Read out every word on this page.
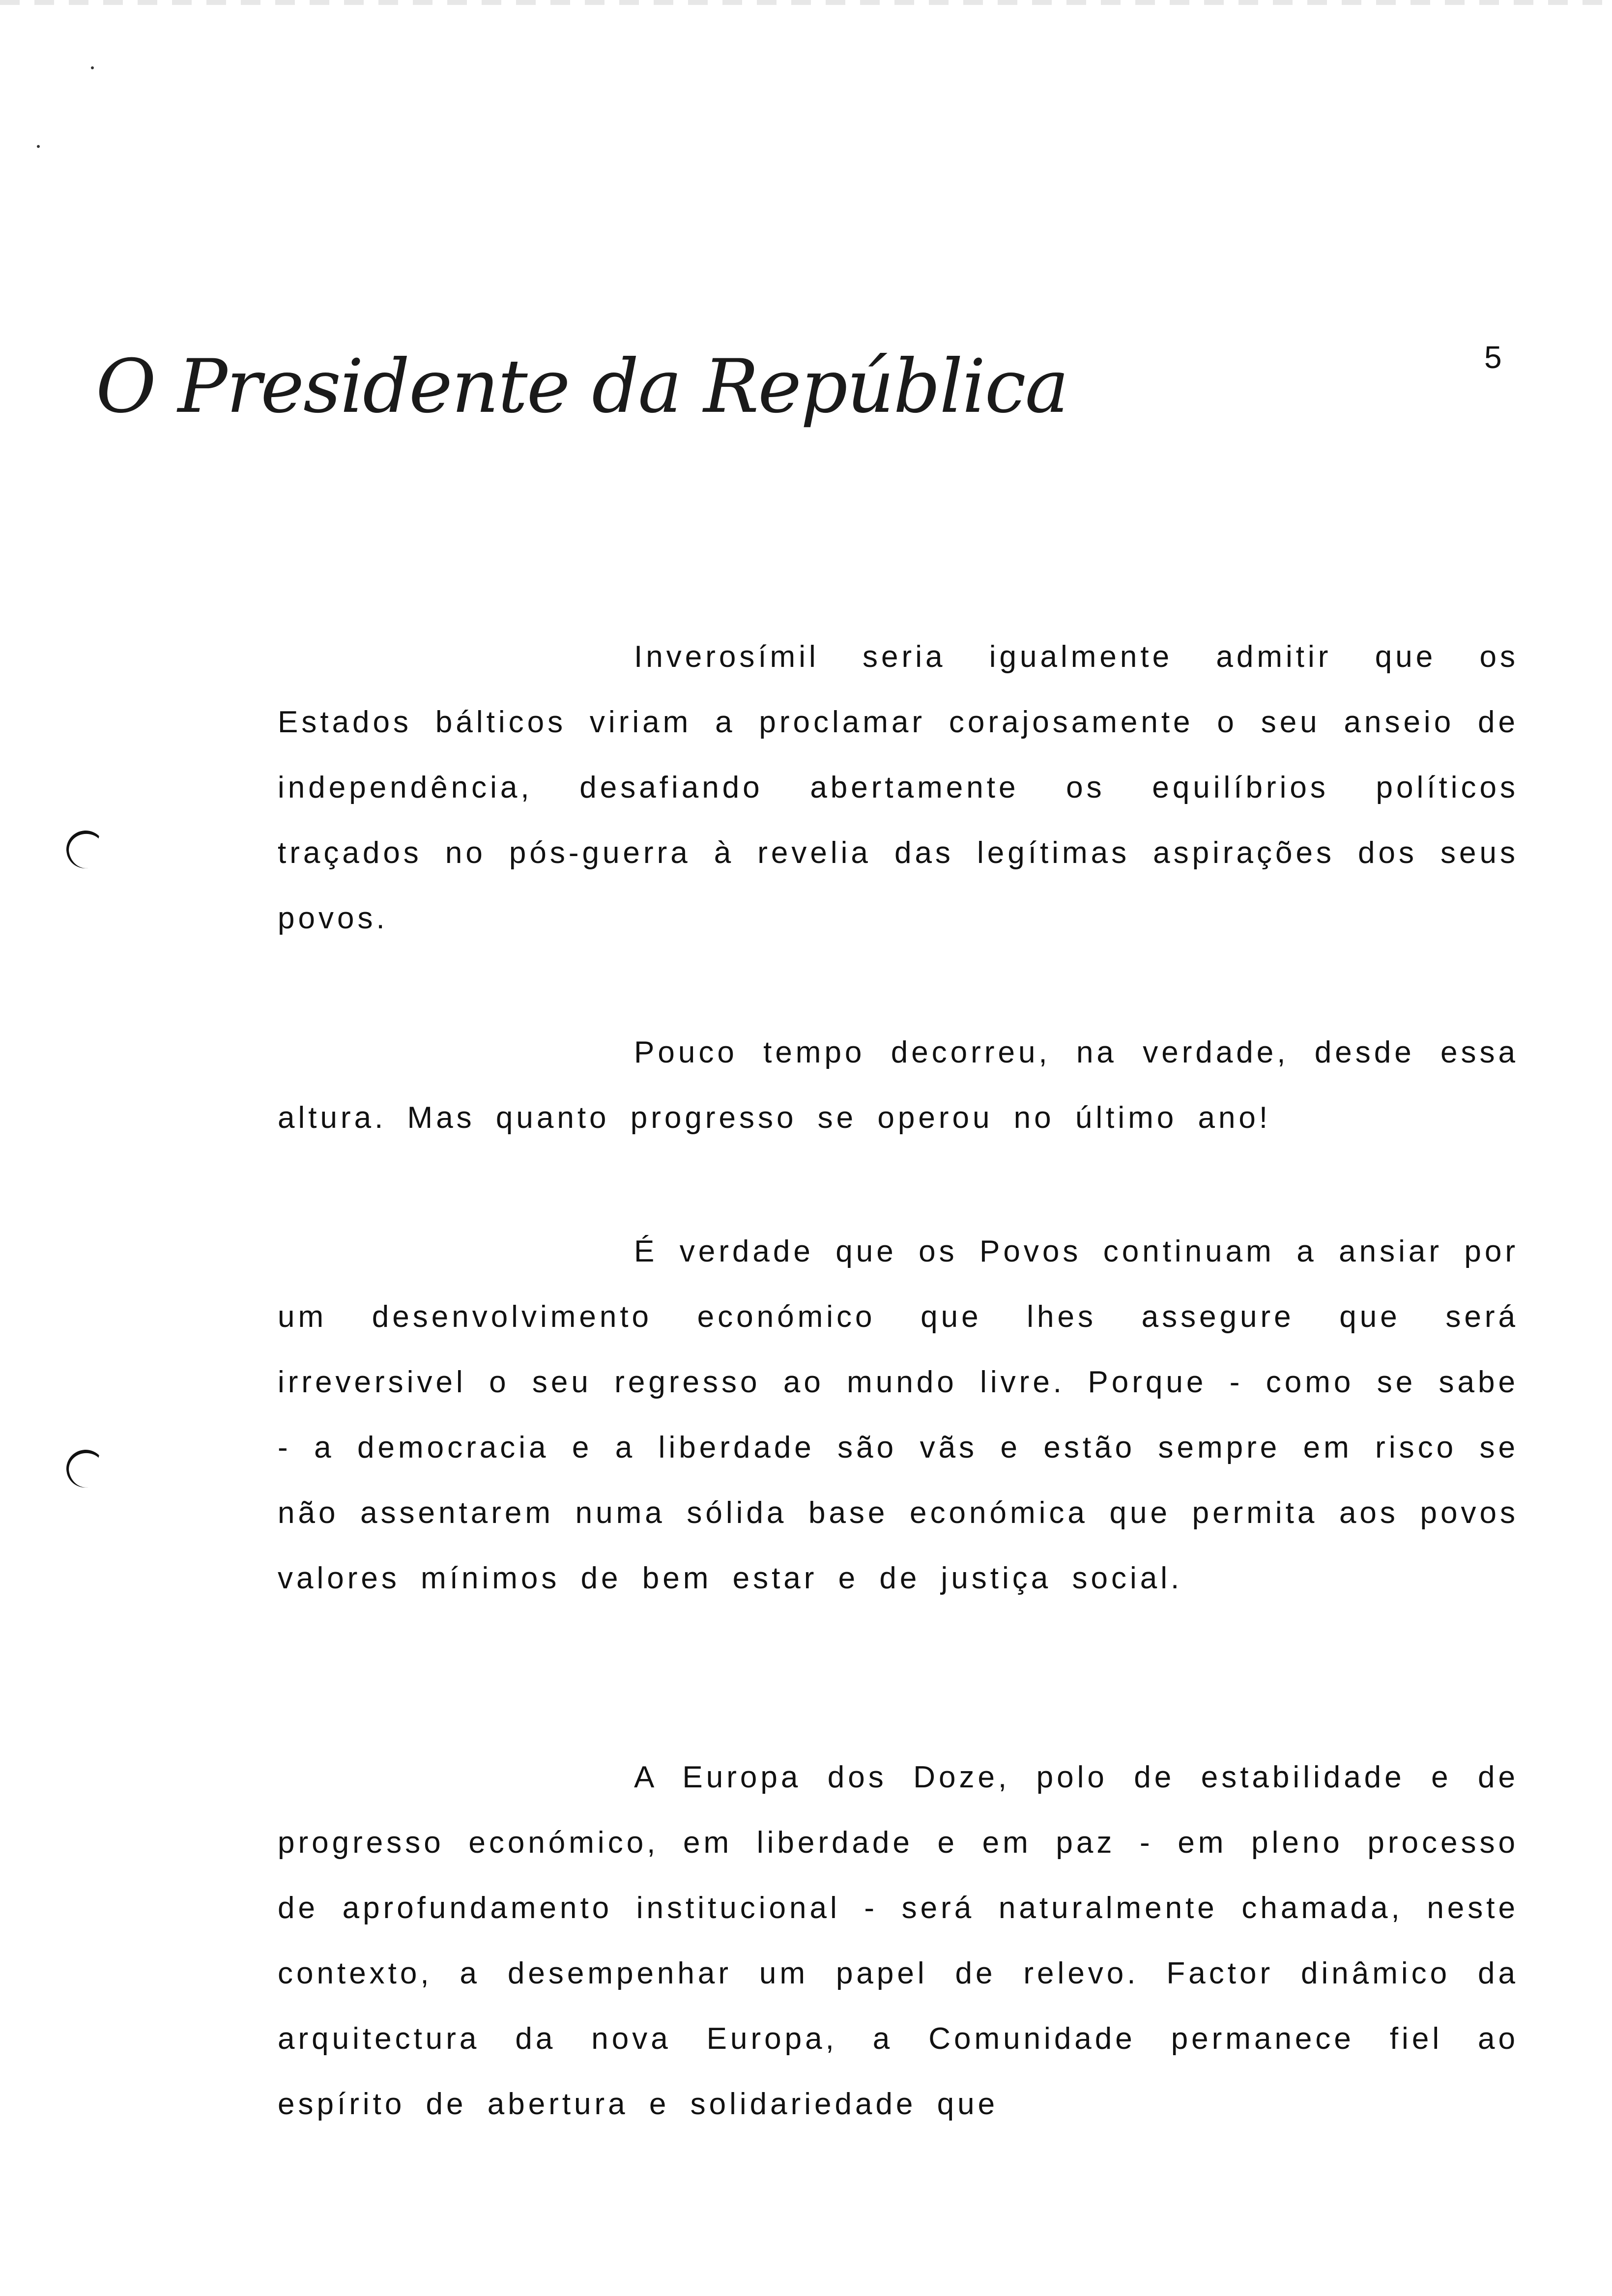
O Presidente da República	5

Inverosímil seria igualmente admitir que os Estados bálticos viriam a proclamar corajosamente o seu anseio de independência, desafiando abertamente os equilíbrios políticos traçados no pós-guerra à revelia das legítimas aspirações dos seus povos.

Pouco tempo decorreu, na verdade, desde essa altura. Mas quanto progresso se operou no último ano!

É verdade que os Povos continuam a ansiar por um desenvolvimento económico que lhes assegure que será irreversivel o seu regresso ao mundo livre. Porque - como se sabe - a democracia e a liberdade são vãs e estão sempre em risco se não assentarem numa sólida base económica que permita aos povos valores mínimos de bem estar e de justiça social.

A Europa dos Doze, polo de estabilidade e de progresso económico, em liberdade e em paz - em pleno processo de aprofundamento institucional - será naturalmente chamada, neste contexto, a desempenhar um papel de relevo. Factor dinâmico da arquitectura da nova Europa, a Comunidade permanece fiel ao espírito de abertura e solidariedade que
